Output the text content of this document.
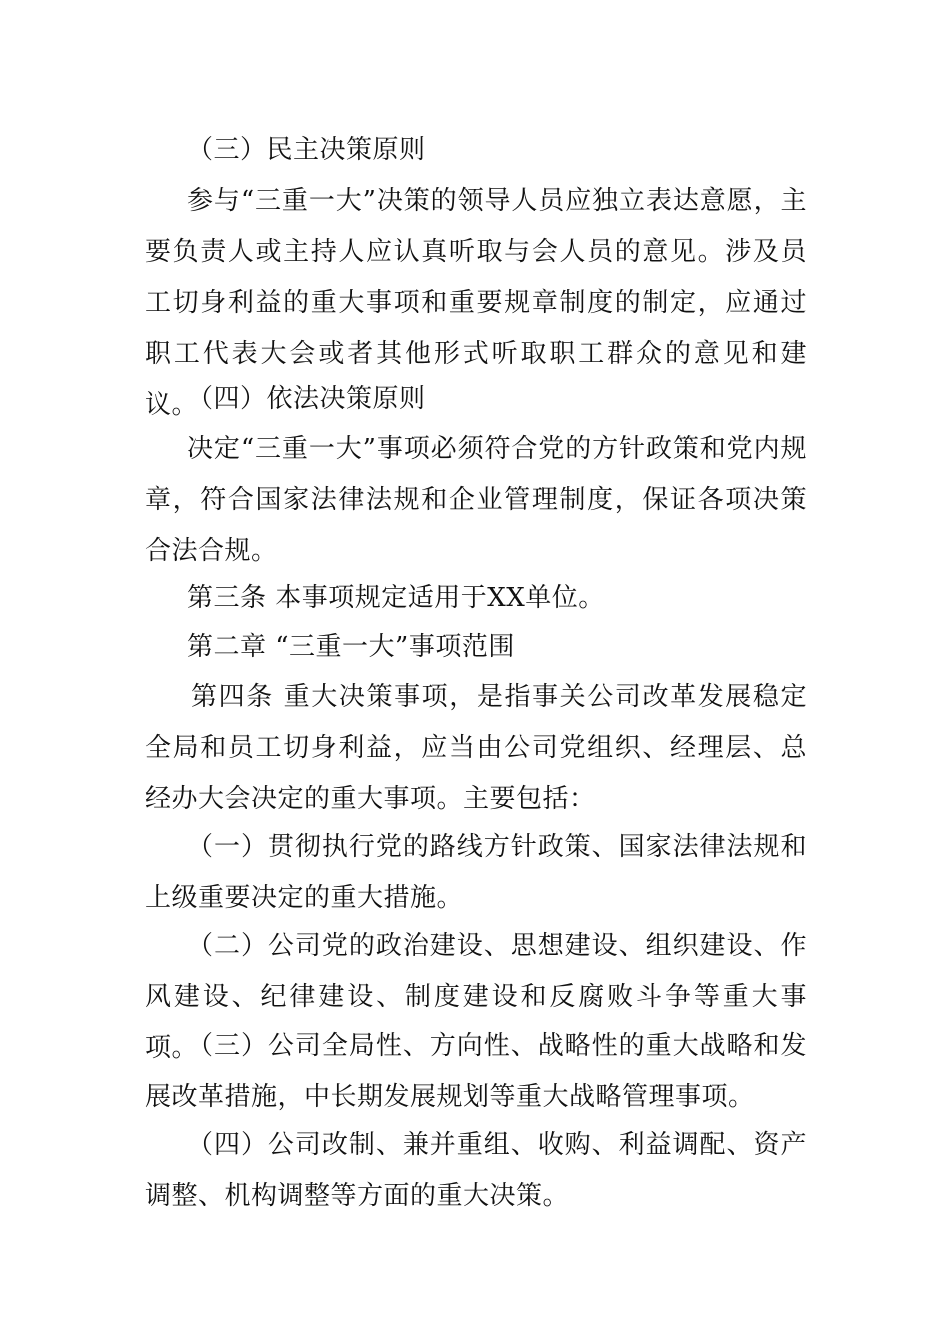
（三）民主决策原则

参与“三重一大”决策的领导人员应独立表达意愿，主要负责人或主持人应认真听取与会人员的意见。涉及员工切身利益的重大事项和重要规章制度的制定，应通过职工代表大会或者其他形式听取职工群众的意见和建议。

（四）依法决策原则

决定“三重一大”事项必须符合党的方针政策和党内规章，符合国家法律法规和企业管理制度，保证各项决策合法合规。

第三条 本事项规定适用于XX单位。

第二章 “三重一大”事项范围

第四条 重大决策事项，是指事关公司改革发展稳定全局和员工切身利益，应当由公司党组织、经理层、总经办大会决定的重大事项。主要包括：

（一）贯彻执行党的路线方针政策、国家法律法规和上级重要决定的重大措施。

（二）公司党的政治建设、思想建设、组织建设、作风建设、纪律建设、制度建设和反腐败斗争等重大事项。

（三）公司全局性、方向性、战略性的重大战略和发展改革措施，中长期发展规划等重大战略管理事项。

（四）公司改制、兼并重组、收购、利益调配、资产调整、机构调整等方面的重大决策。
